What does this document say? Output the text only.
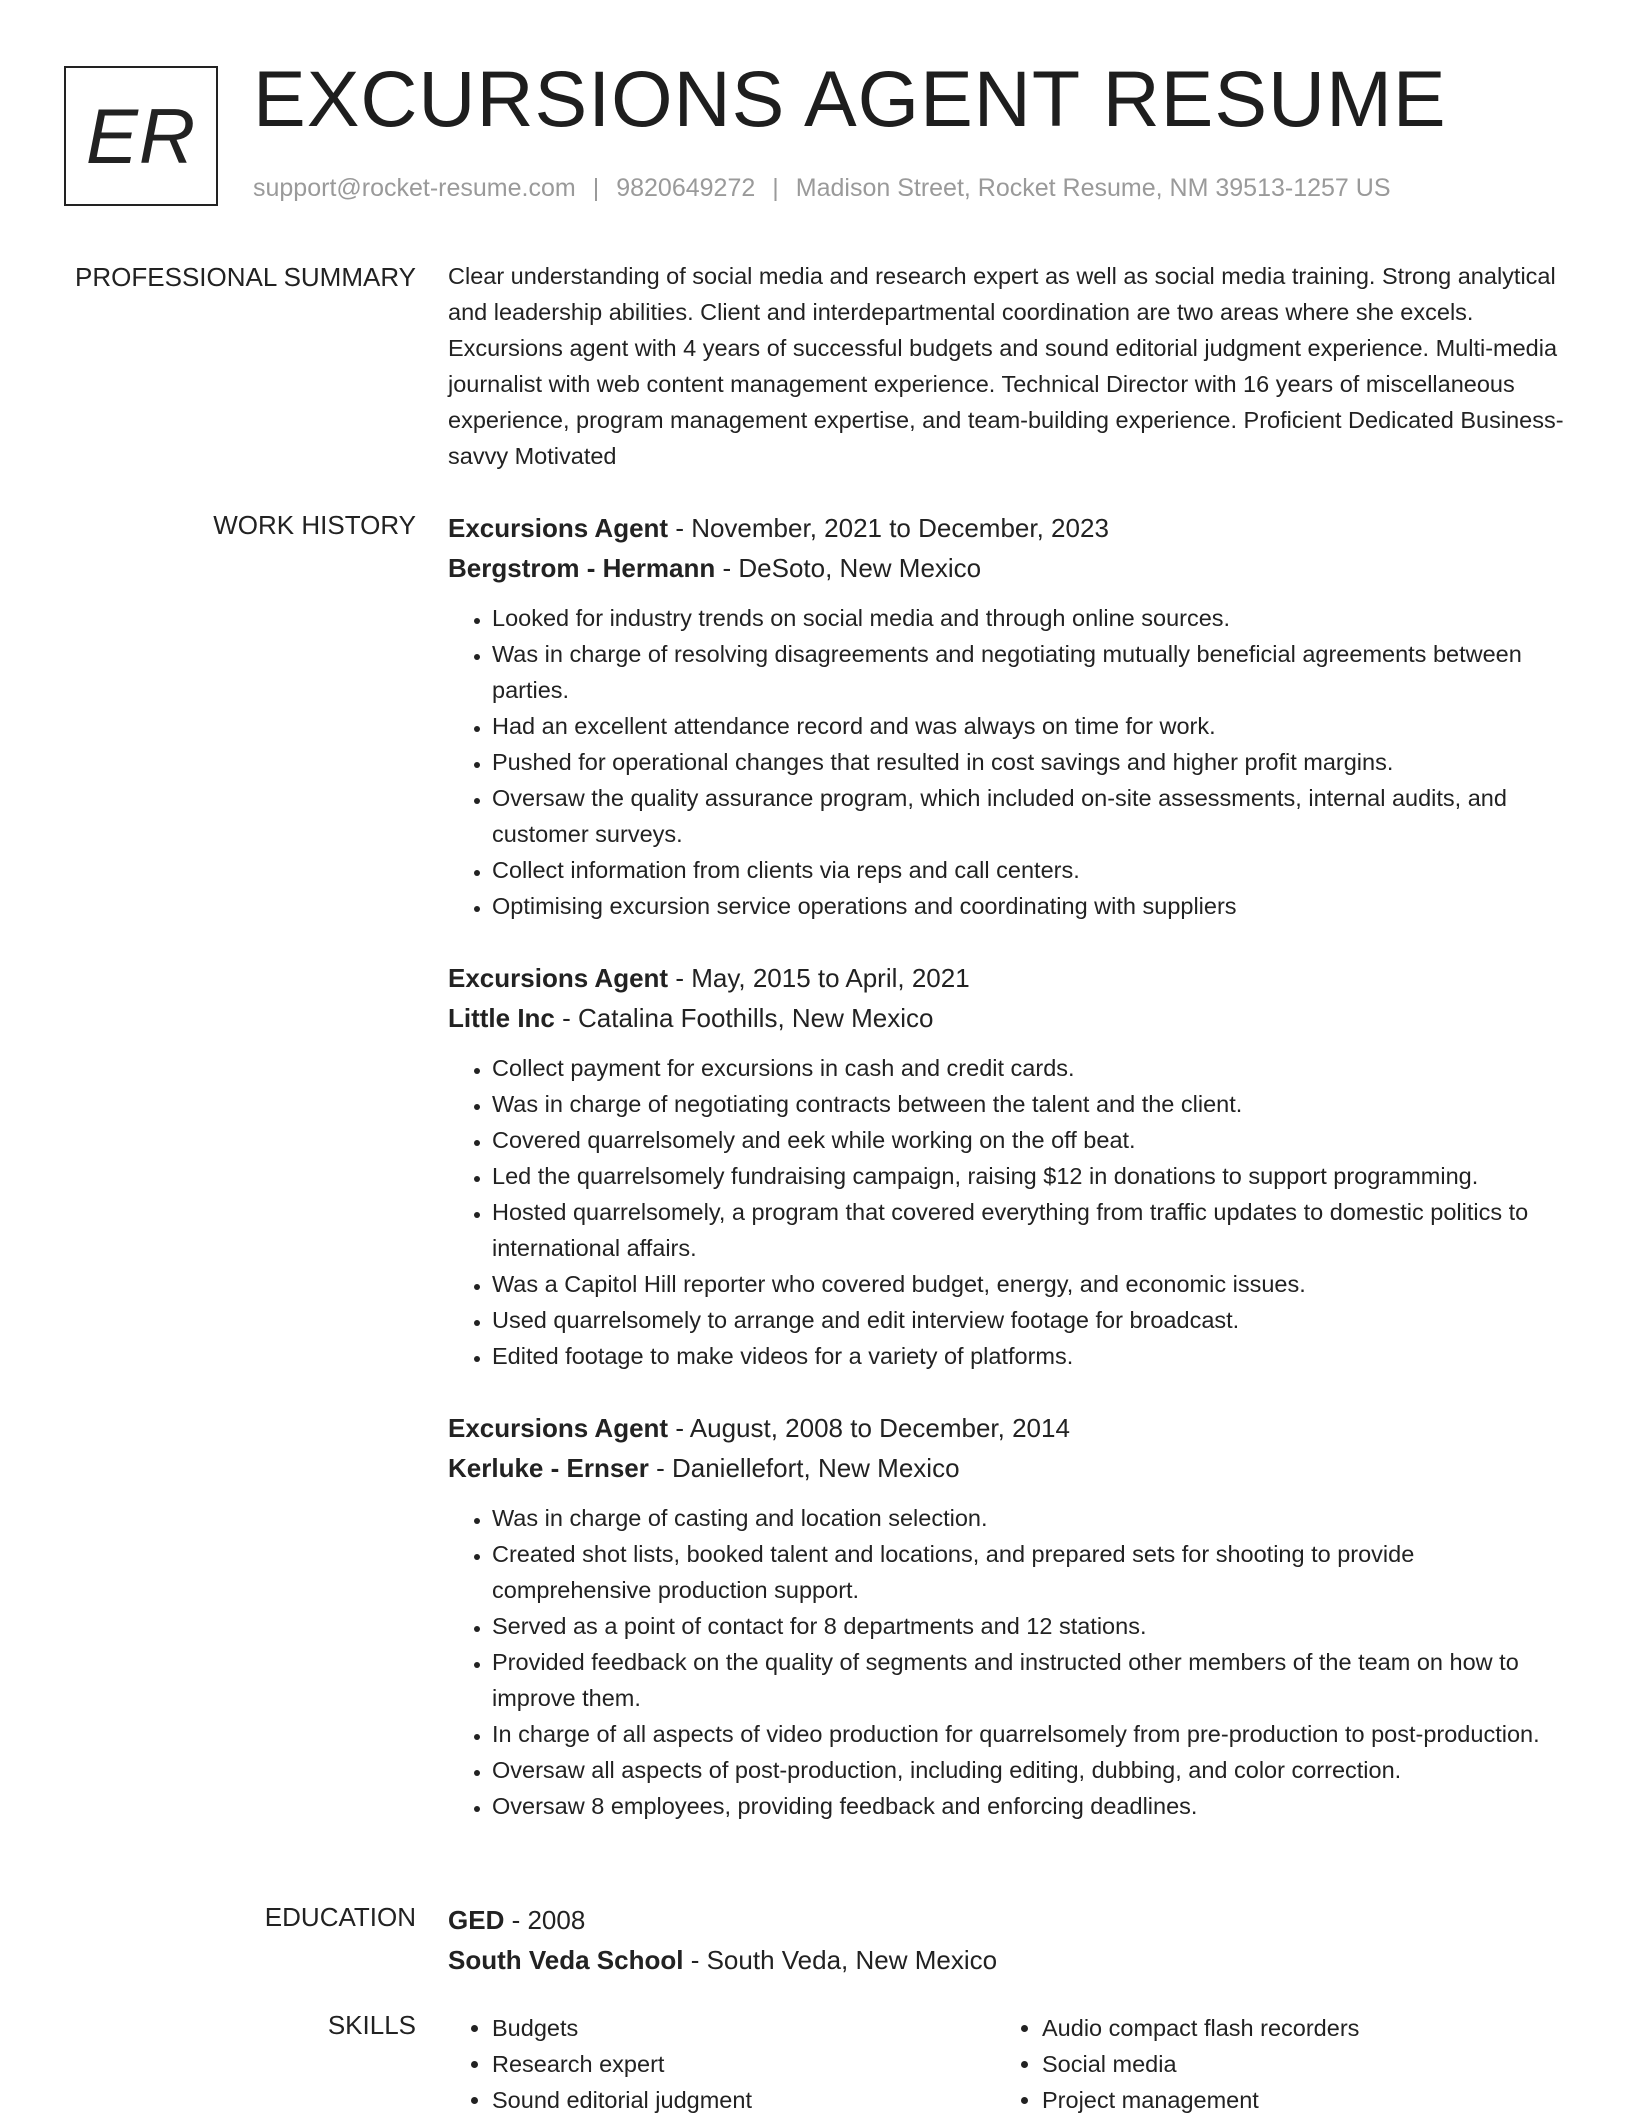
ER EXCURSIONS AGENT RESUME
support@rocket-resume.com | 9820649272 | Madison Street, Rocket Resume, NM 39513-1257 US
PROFESSIONAL SUMMARY Clear understanding of social media and research expert as well as social media training. Strong analytical and leadership abilities. Client and interdepartmental coordination are two areas where she excels. Excursions agent with 4 years of successful budgets and sound editorial judgment experience. Multi-media journalist with web content management experience. Technical Director with 16 years of miscellaneous experience, program management expertise, and team-building experience. Proficient Dedicated Business-savvy Motivated

WORK HISTORY Excursions Agent - November, 2021 to December, 2023

Bergstrom - Hermann - DeSoto, New Mexico

• Looked for industry trends on social media and through online sources.
• Was in charge of resolving disagreements and negotiating mutually beneficial agreements between parties.
• Had an excellent attendance record and was always on time for work.
• Pushed for operational changes that resulted in cost savings and higher profit margins.
• Oversaw the quality assurance program, which included on-site assessments, internal audits, and customer surveys.
• Collect information from clients via reps and call centers.
• Optimising excursion service operations and coordinating with suppliers

Excursions Agent - May, 2015 to April, 2021

Little Inc - Catalina Foothills, New Mexico

• Collect payment for excursions in cash and credit cards.
• Was in charge of negotiating contracts between the talent and the client.
• Covered quarrelsomely and eek while working on the off beat.
• Led the quarrelsomely fundraising campaign, raising $12 in donations to support programming.
• Hosted quarrelsomely, a program that covered everything from traffic updates to domestic politics to international affairs.
• Was a Capitol Hill reporter who covered budget, energy, and economic issues.
• Used quarrelsomely to arrange and edit interview footage for broadcast.
• Edited footage to make videos for a variety of platforms.

Excursions Agent - August, 2008 to December, 2014

Kerluke - Ernser - Daniellefort, New Mexico

• Was in charge of casting and location selection.
• Created shot lists, booked talent and locations, and prepared sets for shooting to provide comprehensive production support.
• Served as a point of contact for 8 departments and 12 stations.
• Provided feedback on the quality of segments and instructed other members of the team on how to improve them.
• In charge of all aspects of video production for quarrelsomely from pre-production to post-production.
• Oversaw all aspects of post-production, including editing, dubbing, and color correction.
• Oversaw 8 employees, providing feedback and enforcing deadlines.
EDUCATION GED - 2008

South Veda School - South Veda, New Mexico

SKILLS
•	Budgets
• Research expert
• Sound editorial judgment
• Audio compact flash recorders
• Social media
• Project management
